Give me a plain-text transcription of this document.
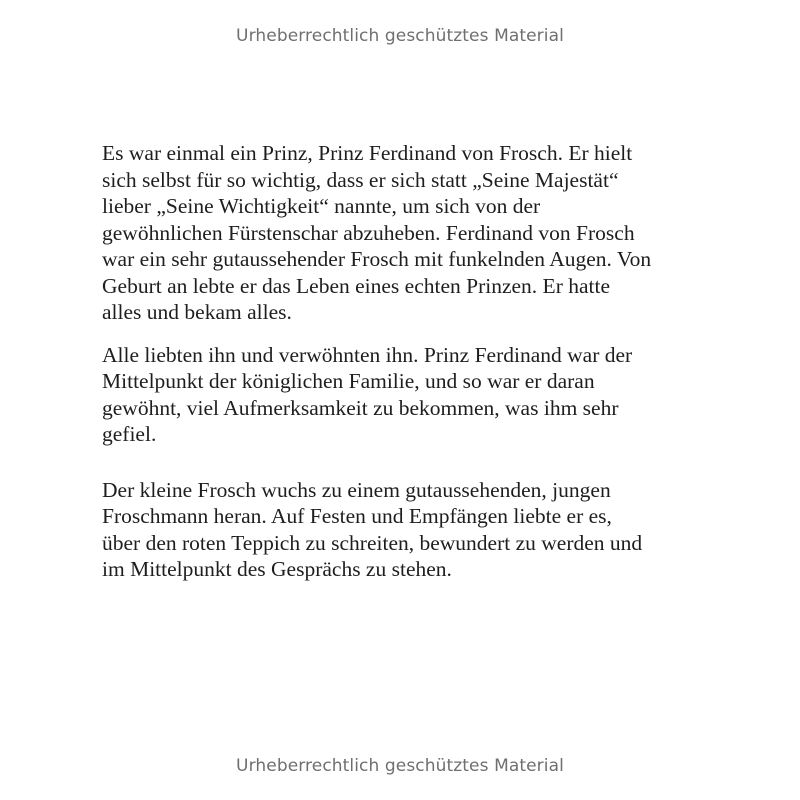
Urheberrechtlich geschütztes Material

Es war einmal ein Prinz, Prinz Ferdinand von Frosch. Er hielt
sich selbst für so wichtig, dass er sich statt „Seine Majestät“
lieber „Seine Wichtigkeit“ nannte, um sich von der
gewöhnlichen Fürstenschar abzuheben. Ferdinand von Frosch
war ein sehr gutaussehender Frosch mit funkelnden Augen. Von
Geburt an lebte er das Leben eines echten Prinzen. Er hatte
alles und bekam alles.

Alle liebten ihn und verwöhnten ihn. Prinz Ferdinand war der
Mittelpunkt der königlichen Familie, und so war er daran
gewöhnt, viel Aufmerksamkeit zu bekommen, was ihm sehr
gefiel.

Der kleine Frosch wuchs zu einem gutaussehenden, jungen
Froschmann heran. Auf Festen und Empfängen liebte er es,
über den roten Teppich zu schreiten, bewundert zu werden und
im Mittelpunkt des Gesprächs zu stehen.

Urheberrechtlich geschütztes Material
